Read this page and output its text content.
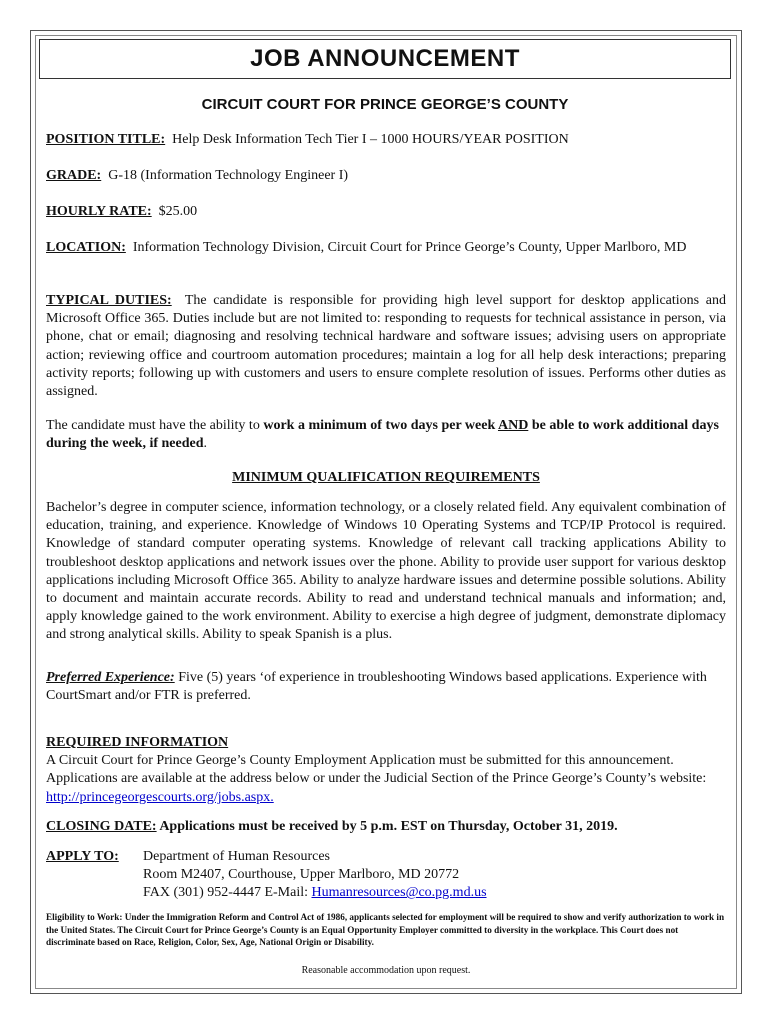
JOB ANNOUNCEMENT
CIRCUIT COURT FOR PRINCE GEORGE’S COUNTY
POSITION TITLE: Help Desk Information Tech Tier I – 1000 HOURS/YEAR POSITION
GRADE: G-18 (Information Technology Engineer I)
HOURLY RATE: $25.00
LOCATION: Information Technology Division, Circuit Court for Prince George’s County, Upper Marlboro, MD
TYPICAL DUTIES: The candidate is responsible for providing high level support for desktop applications and Microsoft Office 365. Duties include but are not limited to: responding to requests for technical assistance in person, via phone, chat or email; diagnosing and resolving technical hardware and software issues; advising users on appropriate action; reviewing office and courtroom automation procedures; maintain a log for all help desk interactions; preparing activity reports; following up with customers and users to ensure complete resolution of issues. Performs other duties as assigned.
The candidate must have the ability to work a minimum of two days per week AND be able to work additional days during the week, if needed.
MINIMUM QUALIFICATION REQUIREMENTS
Bachelor’s degree in computer science, information technology, or a closely related field. Any equivalent combination of education, training, and experience. Knowledge of Windows 10 Operating Systems and TCP/IP Protocol is required. Knowledge of standard computer operating systems. Knowledge of relevant call tracking applications Ability to troubleshoot desktop applications and network issues over the phone. Ability to provide user support for various desktop applications including Microsoft Office 365. Ability to analyze hardware issues and determine possible solutions. Ability to document and maintain accurate records. Ability to read and understand technical manuals and information; and, apply knowledge gained to the work environment. Ability to exercise a high degree of judgment, demonstrate diplomacy and strong analytical skills. Ability to speak Spanish is a plus.
Preferred Experience: Five (5) years ‘of experience in troubleshooting Windows based applications. Experience with CourtSmart and/or FTR is preferred.
REQUIRED INFORMATION
A Circuit Court for Prince George’s County Employment Application must be submitted for this announcement. Applications are available at the address below or under the Judicial Section of the Prince George’s County’s website: http://princegeorgescourts.org/jobs.aspx.
CLOSING DATE: Applications must be received by 5 p.m. EST on Thursday, October 31, 2019.
APPLY TO:	Department of Human Resources
Room M2407, Courthouse, Upper Marlboro, MD 20772
FAX (301) 952-4447 E-Mail: Humanresources@co.pg.md.us
Eligibility to Work: Under the Immigration Reform and Control Act of 1986, applicants selected for employment will be required to show and verify authorization to work in the United States. The Circuit Court for Prince George’s County is an Equal Opportunity Employer committed to diversity in the workplace. This Court does not discriminate based on Race, Religion, Color, Sex, Age, National Origin or Disability.
Reasonable accommodation upon request.
